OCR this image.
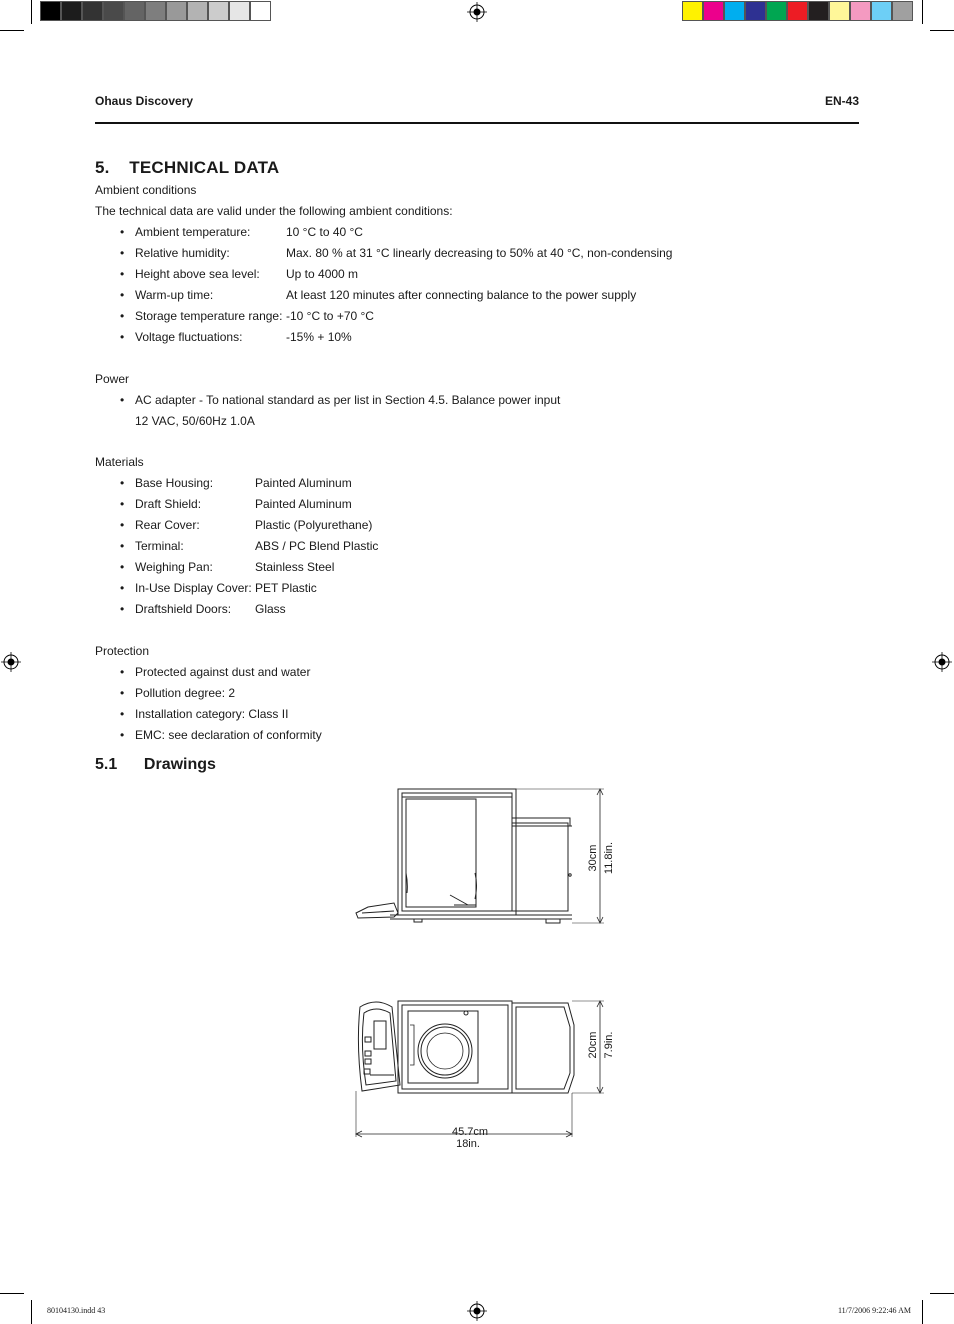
Ohaus Discovery	EN-43
5.    TECHNICAL DATA
Ambient conditions
The technical data are valid under the following ambient conditions:
• Ambient temperature:	10 °C to 40 °C
• Relative humidity:	Max. 80 % at 31 °C linearly decreasing to 50% at 40 °C, non-condensing
• Height above sea level: Up to 4000 m
• Warm-up time:	At least 120 minutes after connecting balance to the power supply
• Storage temperature range: -10 °C to +70 °C
• Voltage fluctuations:	-15% + 10%
Power
• AC adapter - To national standard as per list in Section 4.5. Balance power input
12 VAC, 50/60Hz 1.0A
Materials
• Base Housing:	Painted Aluminum
• Draft Shield:	Painted Aluminum
• Rear Cover:	Plastic (Polyurethane)
• Terminal:	ABS / PC Blend Plastic
• Weighing Pan:	Stainless Steel
• In-Use Display Cover: PET Plastic
• Draftshield Doors: Glass
Protection
• Protected against dust and water
• Pollution degree: 2
• Installation category: Class II
• EMC: see declaration of conformity
5.1      Drawings
30cm 11.8in.
20cm 7.9in.
45.7cm
18in.
80104130.indd 43	11/7/2006 9:22:46 AM
